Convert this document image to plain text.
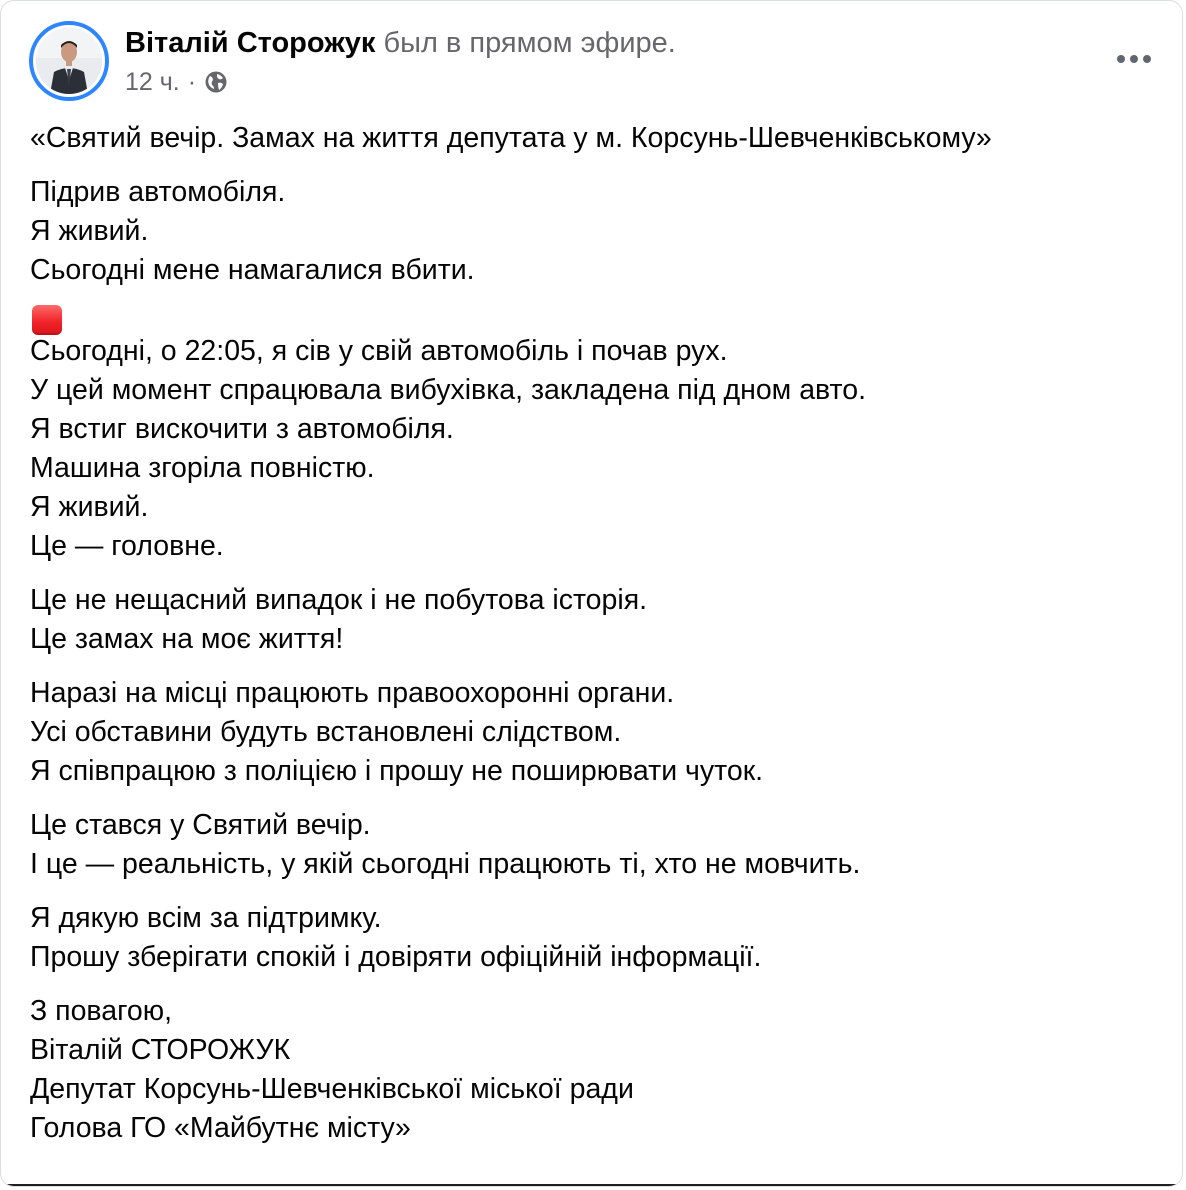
Віталій Сторожук был в прямом эфире.
12 ч. ·

«Святий вечір. Замах на життя депутата у м. Корсунь-Шевченківському»

Підрив автомобіля.
Я живий.
Сьогодні мене намагалися вбити.

Сьогодні, о 22:05, я сів у свій автомобіль і почав рух.
У цей момент спрацювала вибухівка, закладена під дном авто.
Я встиг вискочити з автомобіля.
Машина згоріла повністю.
Я живий.
Це — головне.

Це не нещасний випадок і не побутова історія.
Це замах на моє життя!

Наразі на місці працюють правоохоронні органи.
Усі обставини будуть встановлені слідством.
Я співпрацюю з поліцією і прошу не поширювати чуток.

Це стався у Святий вечір.
І це — реальність, у якій сьогодні працюють ті, хто не мовчить.

Я дякую всім за підтримку.
Прошу зберігати спокій і довіряти офіційній інформації.

З повагою,
Віталій СТОРОЖУК
Депутат Корсунь-Шевченківської міської ради
Голова ГО «Майбутнє місту»
